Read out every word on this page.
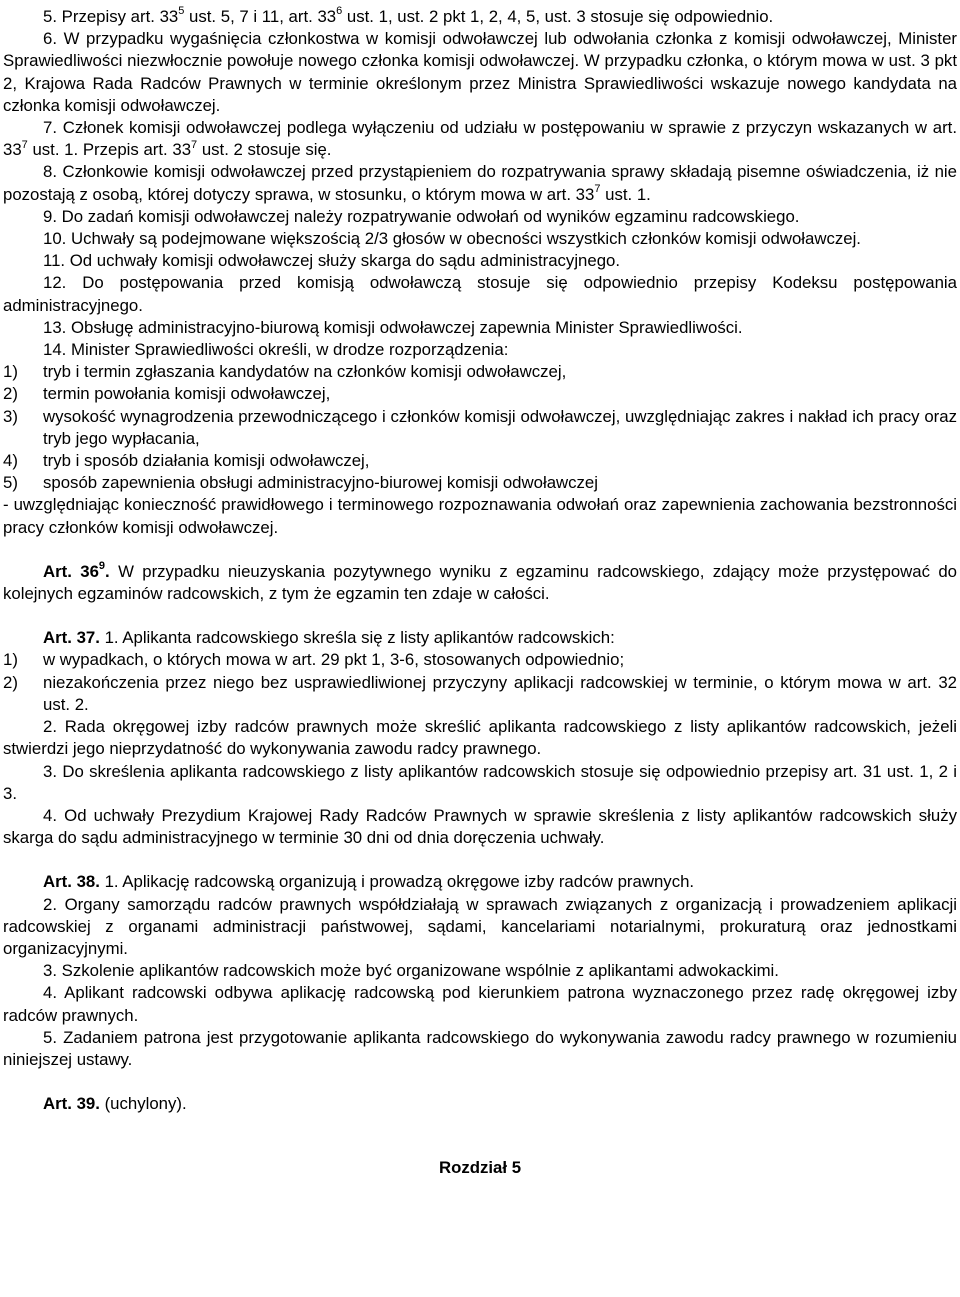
5. Przepisy art. $33^5$ ust. 5, 7 i 11, art. $33^6$ ust. 1, ust. 2 pkt 1, 2, 4, 5, ust. 3 stosuje się odpowiednio.

6. W przypadku wygaśnięcia członkostwa w komisji odwoławczej lub odwołania członka z komisji odwoławczej, Minister Sprawiedliwości niezwłocznie powołuje nowego członka komisji odwoławczej. W przypadku członka, o którym mowa w ust. 3 pkt 2, Krajowa Rada Radców Prawnych w terminie określonym przez Ministra Sprawiedliwości wskazuje nowego kandydata na członka komisji odwoławczej.

7. Członek komisji odwoławczej podlega wyłączeniu od udziału w postępowaniu w sprawie z przyczyn wskazanych w art. $33^7$ ust. 1. Przepis art. $33^7$ ust. 2 stosuje się.

8. Członkowie komisji odwoławczej przed przystąpieniem do rozpatrywania sprawy składają pisemne oświadczenia, iż nie pozostają z osobą, której dotyczy sprawa, w stosunku, o którym mowa w art. $33^7$ ust. 1.

9. Do zadań komisji odwoławczej należy rozpatrywanie odwołań od wyników egzaminu radcowskiego.

10. Uchwały są podejmowane większością 2/3 głosów w obecności wszystkich członków komisji odwoławczej.

11. Od uchwały komisji odwoławczej służy skarga do sądu administracyjnego.

12. Do postępowania przed komisją odwoławczą stosuje się odpowiednio przepisy Kodeksu postępowania administracyjnego.

13. Obsługę administracyjno-biurową komisji odwoławczej zapewnia Minister Sprawiedliwości.

14. Minister Sprawiedliwości określi, w drodze rozporządzenia:

1) tryb i termin zgłaszania kandydatów na członków komisji odwoławczej,

2) termin powołania komisji odwoławczej,

3) wysokość wynagrodzenia przewodniczącego i członków komisji odwoławczej, uwzględniając zakres i nakład ich pracy oraz tryb jego wypłacania,

4) tryb i sposób działania komisji odwoławczej,

5) sposób zapewnienia obsługi administracyjno-biurowej komisji odwoławczej

- uwzględniając konieczność prawidłowego i terminowego rozpoznawania odwołań oraz zapewnienia zachowania bezstronności pracy członków komisji odwoławczej.

Art. $36^9$. W przypadku nieuzyskania pozytywnego wyniku z egzaminu radcowskiego, zdający może przystępować do kolejnych egzaminów radcowskich, z tym że egzamin ten zdaje w całości.

Art. 37. 1. Aplikanta radcowskiego skreśla się z listy aplikantów radcowskich:

1) w wypadkach, o których mowa w art. 29 pkt 1, 3-6, stosowanych odpowiednio;

2) niezakończenia przez niego bez usprawiedliwionej przyczyny aplikacji radcowskiej w terminie, o którym mowa w art. 32 ust. 2.

2. Rada okręgowej izby radców prawnych może skreślić aplikanta radcowskiego z listy aplikantów radcowskich, jeżeli stwierdzi jego nieprzydatność do wykonywania zawodu radcy prawnego.

3. Do skreślenia aplikanta radcowskiego z listy aplikantów radcowskich stosuje się odpowiednio przepisy art. 31 ust. 1, 2 i 3.

4. Od uchwały Prezydium Krajowej Rady Radców Prawnych w sprawie skreślenia z listy aplikantów radcowskich służy skarga do sądu administracyjnego w terminie 30 dni od dnia doręczenia uchwały.

Art. 38. 1. Aplikację radcowską organizują i prowadzą okręgowe izby radców prawnych.

2. Organy samorządu radców prawnych współdziałają w sprawach związanych z organizacją i prowadzeniem aplikacji radcowskiej z organami administracji państwowej, sądami, kancelariami notarialnymi, prokuraturą oraz jednostkami organizacyjnymi.

3. Szkolenie aplikantów radcowskich może być organizowane wspólnie z aplikantami adwokackimi.

4. Aplikant radcowski odbywa aplikację radcowską pod kierunkiem patrona wyznaczonego przez radę okręgowej izby radców prawnych.

5. Zadaniem patrona jest przygotowanie aplikanta radcowskiego do wykonywania zawodu radcy prawnego w rozumieniu niniejszej ustawy.

Art. 39. (uchylony).

Rozdział 5
